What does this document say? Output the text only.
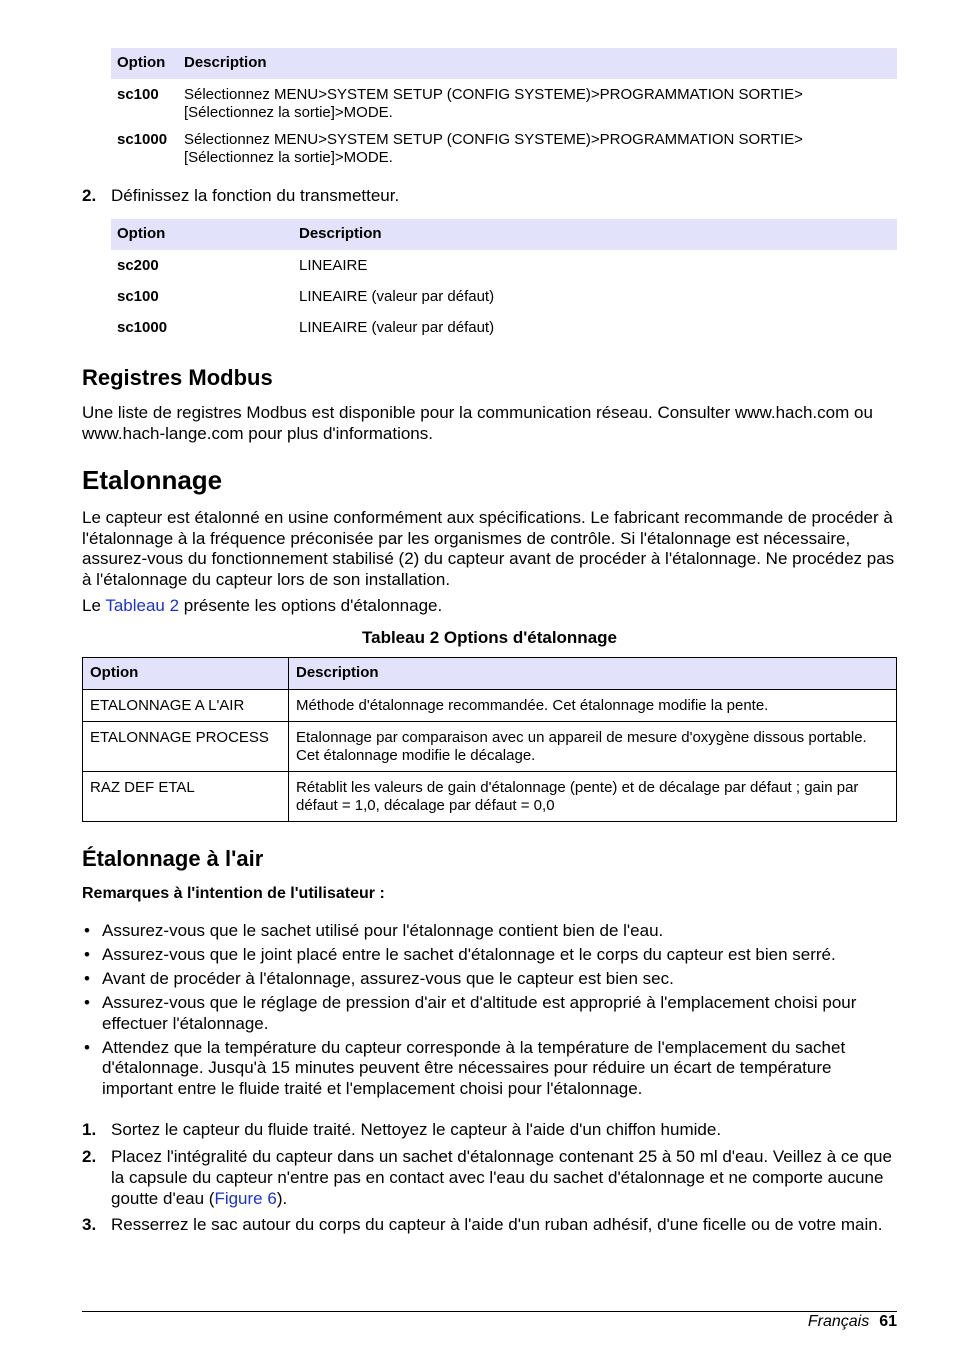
Option	Description
sc100	Sélectionnez MENU>SYSTEM SETUP (CONFIG SYSTEME)>PROGRAMMATION SORTIE>[Sélectionnez la sortie]>MODE.
sc1000	Sélectionnez MENU>SYSTEM SETUP (CONFIG SYSTEME)>PROGRAMMATION SORTIE>[Sélectionnez la sortie]>MODE.
2. Définissez la fonction du transmetteur.
Option	Description
sc200	LINEAIRE
sc100	LINEAIRE (valeur par défaut)
sc1000	LINEAIRE (valeur par défaut)
Registres Modbus

Une liste de registres Modbus est disponible pour la communication réseau. Consulter www.hach.com ou www.hach-lange.com pour plus d'informations.

Etalonnage

Le capteur est étalonné en usine conformément aux spécifications. Le fabricant recommande de procéder à l'étalonnage à la fréquence préconisée par les organismes de contrôle. Si l'étalonnage est nécessaire, assurez-vous du fonctionnement stabilisé (2) du capteur avant de procéder à l'étalonnage. Ne procédez pas à l'étalonnage du capteur lors de son installation.

Le Tableau 2 présente les options d'étalonnage.

Tableau 2 Options d'étalonnage
Option	Description
ETALONNAGE A L'AIR	Méthode d'étalonnage recommandée. Cet étalonnage modifie la pente.
ETALONNAGE PROCESS	Etalonnage par comparaison avec un appareil de mesure d'oxygène dissous portable. Cet étalonnage modifie le décalage.
RAZ DEF ETAL	Rétablit les valeurs de gain d'étalonnage (pente) et de décalage par défaut ; gain par défaut = 1,0, décalage par défaut = 0,0
Étalonnage à l'air
Remarques à l'intention de l'utilisateur :
• Assurez-vous que le sachet utilisé pour l'étalonnage contient bien de l'eau.
• Assurez-vous que le joint placé entre le sachet d'étalonnage et le corps du capteur est bien serré.
• Avant de procéder à l'étalonnage, assurez-vous que le capteur est bien sec.
• Assurez-vous que le réglage de pression d'air et d'altitude est approprié à l'emplacement choisi pour effectuer l'étalonnage.
• Attendez que la température du capteur corresponde à la température de l'emplacement du sachet d'étalonnage. Jusqu'à 15 minutes peuvent être nécessaires pour réduire un écart de température important entre le fluide traité et l'emplacement choisi pour l'étalonnage.
1. Sortez le capteur du fluide traité. Nettoyez le capteur à l'aide d'un chiffon humide.
2. Placez l'intégralité du capteur dans un sachet d'étalonnage contenant 25 à 50 ml d'eau. Veillez à ce que la capsule du capteur n'entre pas en contact avec l'eau du sachet d'étalonnage et ne comporte aucune goutte d'eau (Figure 6).
3. Resserrez le sac autour du corps du capteur à l'aide d'un ruban adhésif, d'une ficelle ou de votre main.
Français 61
